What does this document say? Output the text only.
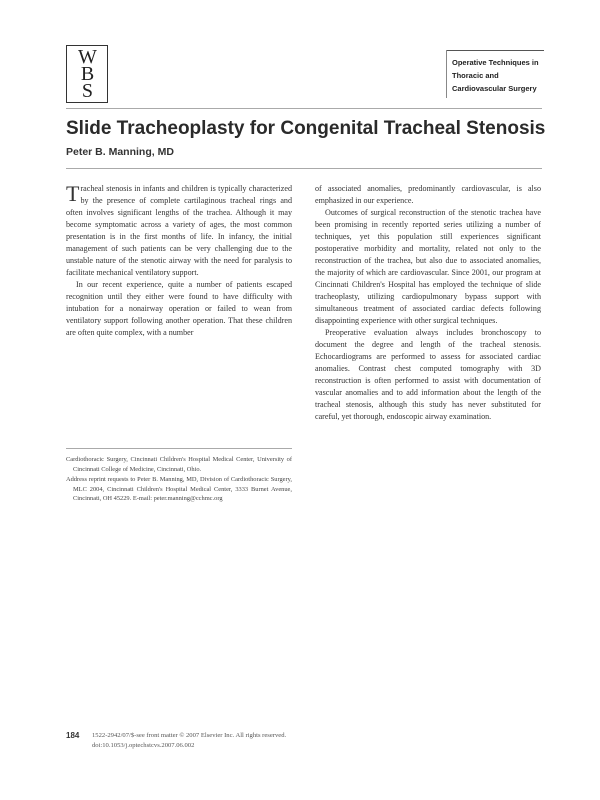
W
B
S
Operative Techniques in
Thoracic and
Cardiovascular Surgery
Slide Tracheoplasty for Congenital Tracheal Stenosis
Peter B. Manning, MD

Tracheal stenosis in infants and children is typically characterized by the presence of complete cartilaginous tracheal rings and often involves significant lengths of the trachea. Although it may become symptomatic across a variety of ages, the most common presentation is in the first months of life. In infancy, the initial management of such patients can be very challenging due to the unstable nature of the stenotic airway with the need for paralysis to facilitate mechanical ventilatory support.

In our recent experience, quite a number of patients escaped recognition until they either were found to have difficulty with intubation for a nonairway operation or failed to wean from ventilatory support following another operation. That these children are often quite complex, with a number

Cardiothoracic Surgery, Cincinnati Children's Hospital Medical Center, University of Cincinnati College of Medicine, Cincinnati, Ohio.

Address reprint requests to Peter B. Manning, MD, Division of Cardiothoracic Surgery, MLC 2004, Cincinnati Children's Hospital Medical Center, 3333 Burnet Avenue, Cincinnati, OH 45229. E-mail: peter.manning@cchmc.org

of associated anomalies, predominantly cardiovascular, is also emphasized in our experience.

Outcomes of surgical reconstruction of the stenotic trachea have been promising in recently reported series utilizing a number of techniques, yet this population still experiences significant postoperative morbidity and mortality, related not only to the reconstruction of the trachea, but also due to associated anomalies, the majority of which are cardiovascular. Since 2001, our program at Cincinnati Children's Hospital has employed the technique of slide tracheoplasty, utilizing cardiopulmonary bypass support with simultaneous treatment of associated cardiac defects following disappointing experience with other surgical techniques.

Preoperative evaluation always includes bronchoscopy to document the degree and length of the tracheal stenosis. Echocardiograms are performed to assess for associated cardiac anomalies. Contrast chest computed tomography with 3D reconstruction is often performed to assist with documentation of vascular anomalies and to add information about the length of the tracheal stenosis, although this study has never substituted for careful, yet thorough, endoscopic airway examination.

184 1522-2942/07/$-see front matter © 2007 Elsevier Inc. All rights reserved.
doi:10.1053/j.optechstcvs.2007.06.002
